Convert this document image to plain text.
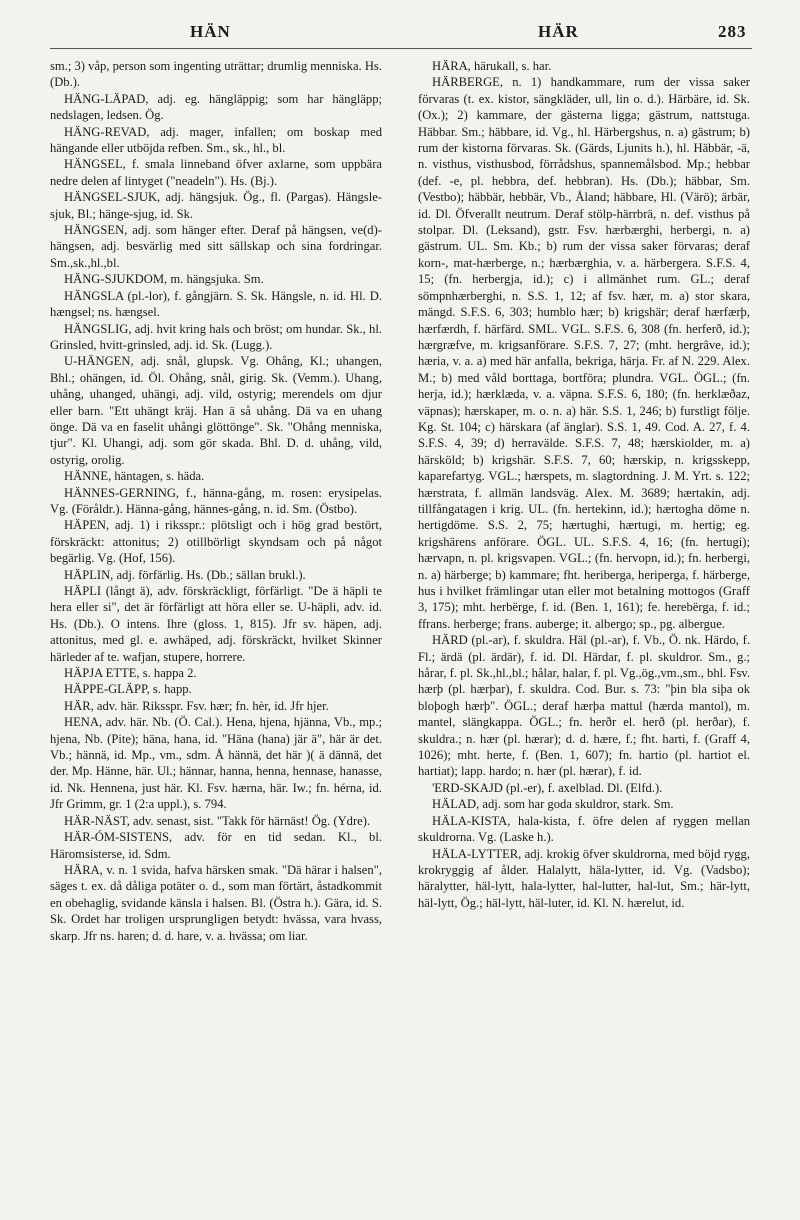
HÄN	HÄR	283

sm.; 3) våp, person som ingenting uträttar; drumlig menniska. Hs. (Db.).

HÄNG-LÄPAD, adj. eg. hängläppig; som har hängläpp; nedslagen, ledsen. Ög.

HÄNG-REVAD, adj. mager, infallen; om boskap med hängande eller utböjda refben. Sm., sk., hl., bl.

HÄNGSEL, f. smala linneband öfver axlarne, som uppbära nedre delen af lintyget ("neadeln"). Hs. (Bj.).

HÄNGSEL-SJUK, adj. hängsjuk. Ög., fl. (Pargas). Hängsle-sjuk, Bl.; hänge-sjug, id. Sk.

HÄNGSEN, adj. som hänger efter. Deraf på hängsen, ve(d)-hängsen, adj. besvärlig med sitt sällskap och sina fordringar. Sm.,sk.,hl.,bl.

HÄNG-SJUKDOM, m. hängsjuka. Sm.

HÄNGSLA (pl.-lor), f. gångjärn. S. Sk. Hängsle, n. id. Hl. D. hængsel; ns. hængsel.

HÄNGSLIG, adj. hvit kring hals och bröst; om hundar. Sk., hl. Grinsled, hvitt-grinsled, adj. id. Sk. (Lugg.).

U-HÄNGEN, adj. snål, glupsk. Vg. Ohång, Kl.; uhangen, Bhl.; ohängen, id. Öl. Ohång, snål, girig. Sk. (Vemm.). Uhang, uhång, uhanged, uhängi, adj. vild, ostyrig; merendels om djur eller barn. "Ett uhängt kräj. Han ä så uhång. Dä va en uhang önge. Dä va en faselit uhångi glöttönge". Sk. "Ohång menniska, tjur". Kl. Uhangi, adj. som gör skada. Bhl. D. d. uhång, vild, ostyrig, orolig.

HÄNNE, häntagen, s. häda.

HÄNNES-GERNING, f., hänna-gång, m. rosen: erysipelas. Vg. (Föråldr.). Hänna-gång, hännes-gång, n. id. Sm. (Östbo).

HÄPEN, adj. 1) i riksspr.: plötsligt och i hög grad bestört, förskräckt: attonitus; 2) otillbörligt skyndsam och på något begärlig. Vg. (Hof, 156).

HÄPLIN, adj. förfärlig. Hs. (Db.; sällan brukl.).

HÄPLI (långt ä), adv. förskräckligt, förfärligt. "De ä häpli te hera eller si", det är förfärligt att höra eller se. U-häpli, adv. id. Hs. (Db.). O intens. Ihre (gloss. 1, 815). Jfr sv. häpen, adj. attonitus, med gl. e. awhäped, adj. förskräckt, hvilket Skinner härleder af te. wafjan, stupere, horrere.

HÄPJA ETTE, s. happa 2.

HÄPPE-GLÄPP, s. happ.

HÄR, adv. här. Riksspr. Fsv. hær; fn. hèr, id. Jfr hjer.

HENA, adv. här. Nb. (Ö. Cal.). Hena, hjena, hjänna, Vb., mp.; hjena, Nb. (Pite); häna, hana, id. "Häna (hana) jär ä", här är det. Vb.; hännä, id. Mp., vm., sdm. Å hännä, det här )( ä dännä, det der. Mp. Hänne, här. Ul.; hännar, hanna, henna, hennase, hanasse, id. Nk. Hennena, just här. Kl. Fsv. hærna, här. Iw.; fn. hérna, id. Jfr Grimm, gr. 1 (2:a uppl.), s. 794.

HÄR-NÄST, adv. senast, sist. "Takk för härnäst! Ög. (Ydre).

HÄR-ÓM-SISTENS, adv. för en tid sedan. Kl., bl. Häromsisterse, id. Sdm.

HÄRA, v. n. 1 svida, hafva härsken smak. "Dä härar i halsen", säges t. ex. då dåliga potäter o. d., som man förtärt, åstadkommit en obehaglig, svidande känsla i halsen. Bl. (Östra h.). Gära, id. S. Sk. Ordet har troligen ursprungligen betydt: hvässa, vara hvass, skarp. Jfr ns. haren; d. d. hare, v. a. hvässa; om liar.

HÄRA, härukall, s. har.

HÄRBERGE, n. 1) handkammare, rum der vissa saker förvaras (t. ex. kistor, sängkläder, ull, lin o. d.). Härbäre, id. Sk. (Ox.); 2) kammare, der gästerna ligga; gästrum, nattstuga. Häbbar. Sm.; häbbare, id. Vg., hl. Härbergshus, n. a) gästrum; b) rum der kistorna förvaras. Sk. (Gärds, Ljunits h.), hl. Häbbär, -ä, n. visthus, visthusbod, förrådshus, spannemålsbod. Mp.; hebbar (def. -e, pl. hebbra, def. hebbran). Hs. (Db.); häbbar, Sm. (Vestbo); häbbär, hebbär, Vb., Åland; häbbare, Hl. (Värö); ärbär, id. Dl. Öfverallt neutrum. Deraf stölp-härrbrä, n. def. visthus på stolpar. Dl. (Leksand), gstr. Fsv. hærbærghi, herbergi, n. a) gästrum. UL. Sm. Kb.; b) rum der vissa saker förvaras; deraf korn-, mat-hærberge, n.; hærbærghia, v. a. härbergera. S.F.S. 4, 15; (fn. herbergja, id.); c) i allmänhet rum. GL.; deraf sömpnhærberghi, n. S.S. 1, 12; af fsv. hær, m. a) stor skara, mängd. S.F.S. 6, 303; humblo hær; b) krigshär; deraf hærfærþ, hærfærdh, f. härfärd. SML. VGL. S.F.S. 6, 308 (fn. herferð, id.); hærgræfve, m. krigsanförare. S.F.S. 7, 27; (mht. hergrâve, id.); hæria, v. a. a) med här anfalla, bekriga, härja. Fr. af N. 229. Alex. M.; b) med våld borttaga, bortföra; plundra. VGL. ÖGL.; (fn. herja, id.); hærklæda, v. a. väpna. S.F.S. 6, 180; (fn. herklæðaz, väpnas); hærskaper, m. o. n. a) här. S.S. 1, 246; b) furstligt följe. Kg. St. 104; c) härskara (af änglar). S.S. 1, 49. Cod. A. 27, f. 4. S.F.S. 4, 39; d) herravälde. S.F.S. 7, 48; hærskiolder, m. a) härsköld; b) krigshär. S.F.S. 7, 60; hærskip, n. krigsskepp, kaparefartyg. VGL.; hærspets, m. slagtordning. J. M. Yrt. s. 122; hærstrata, f. allmän landsväg. Alex. M. 3689; hærtakin, adj. tillfångatagen i krig. UL. (fn. hertekinn, id.); hærtogha döme n. hertigdöme. S.S. 2, 75; hærtughi, hærtugi, m. hertig; eg. krigshärens anförare. ÖGL. UL. S.F.S. 4, 16; (fn. hertugi); hærvapn, n. pl. krigsvapen. VGL.; (fn. hervopn, id.); fn. herbergi, n. a) härberge; b) kammare; fht. heriberga, heriperga, f. härberge, hus i hvilket främlingar utan eller mot betalning mottogos (Graff 3, 175); mht. herbërge, f. id. (Ben. 1, 161); fe. herebërga, f. id.; ffrans. herberge; frans. auberge; it. albergo; sp., pg. albergue.

HÄRD (pl.-ar), f. skuldra. Häl (pl.-ar), f. Vb., Ö. nk. Härdo, f. Fl.; ärdä (pl. ärdär), f. id. Dl. Härdar, f. pl. skuldror. Sm., g.; hårar, f. pl. Sk.,hl.,bl.; hålar, halar, f. pl. Vg.,ög.,vm.,sm., bhl. Fsv. hærþ (pl. hærþar), f. skuldra. Cod. Bur. s. 73: "þin bla siþa ok bloþogh hærþ". ÖGL.; deraf hærþa mattul (hærda mantol), m. mantel, slängkappa. ÖGL.; fn. herðr el. herð (pl. herðar), f. skuldra.; n. hær (pl. hærar); d. d. hære, f.; fht. harti, f. (Graff 4, 1026); mht. herte, f. (Ben. 1, 607); fn. hartio (pl. hartiot el. hartiat); lapp. hardo; n. hær (pl. hærar), f. id.

'ERD-SKAJD (pl.-er), f. axelblad. Dl. (Elfd.).

HÄLAD, adj. som har goda skuldror, stark. Sm.

HÄLA-KISTA, hala-kista, f. öfre delen af ryggen mellan skuldrorna. Vg. (Laske h.).

HÄLA-LYTTER, adj. krokig öfver skuldrorna, med böjd rygg, krokryggig af ålder. Halalytt, häla-lytter, id. Vg. (Vadsbo); häralytter, häl-lytt, hala-lytter, hal-lutter, hal-lut, Sm.; här-lytt, häl-lytt, Ög.; häl-lytt, häl-luter, id. Kl. N. hærelut, id.
